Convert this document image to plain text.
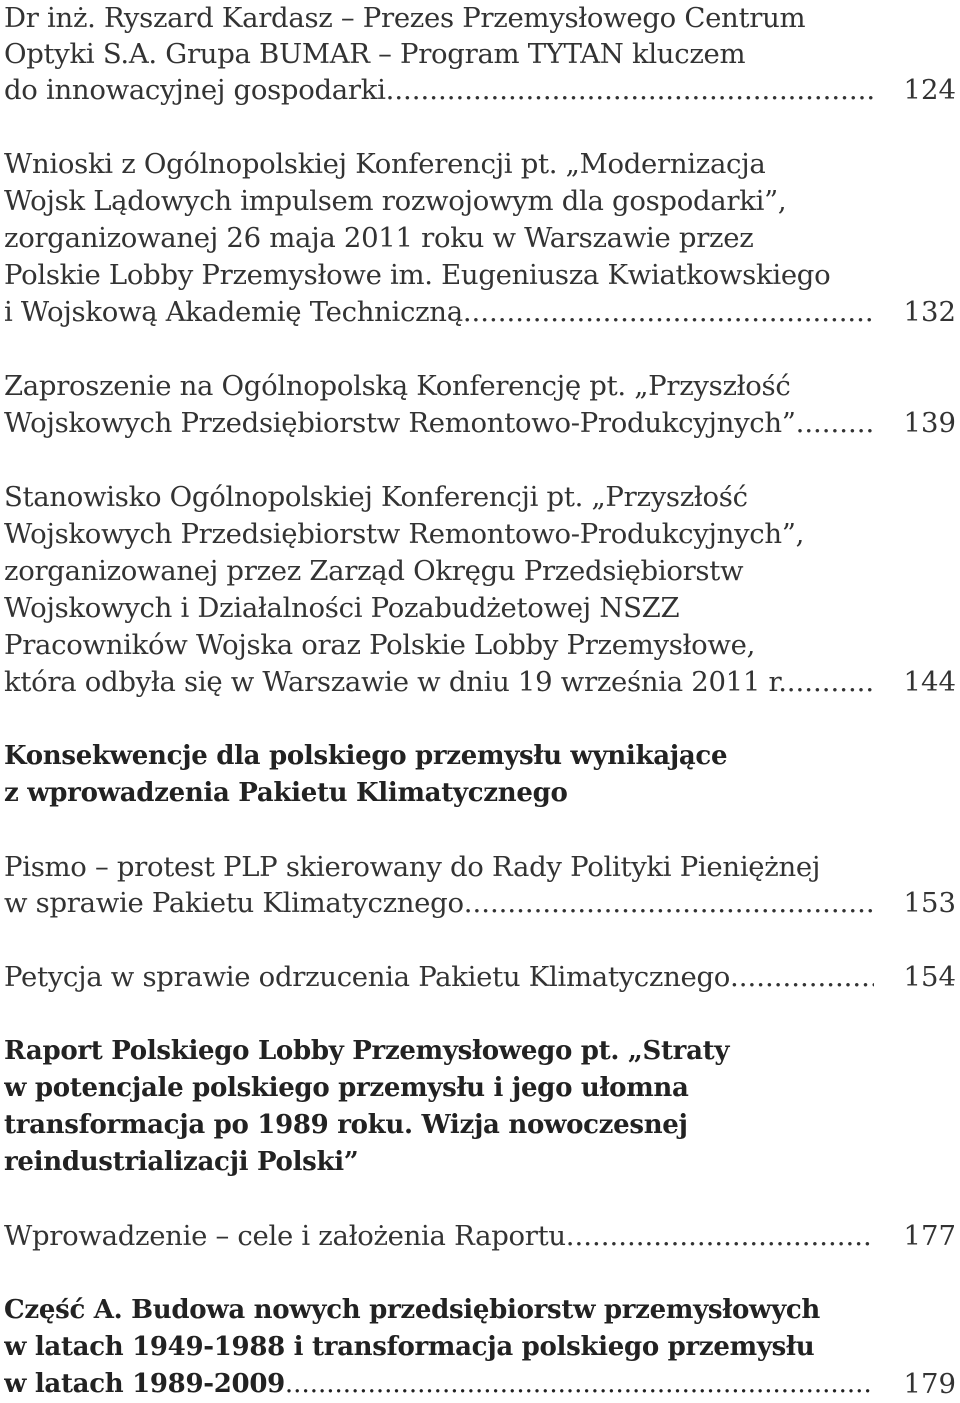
Dr inż. Ryszard Kardasz – Prezes Przemysłowego Centrum
Optyki S.A. Grupa BUMAR – Program TYTAN kluczem
do innowacyjnej gospodarki .....	124
Wnioski z Ogólnopolskiej Konferencji pt. „Modernizacja
Wojsk Lądowych impulsem rozwojowym dla gospodarki”,
zorganizowanej 26 maja 2011 roku w Warszawie przez
Polskie Lobby Przemysłowe im. Eugeniusza Kwiatkowskiego
i Wojskową Akademię Techniczną .....	132
Zaproszenie na Ogólnopolską Konferencję pt. „Przyszłość
Wojskowych Przedsiębiorstw Remontowo-Produkcyjnych” .....	139
Stanowisko Ogólnopolskiej Konferencji pt. „Przyszłość
Wojskowych Przedsiębiorstw Remontowo-Produkcyjnych”,
zorganizowanej przez Zarząd Okręgu Przedsiębiorstw
Wojskowych i Działalności Pozabudżetowej NSZZ
Pracowników Wojska oraz Polskie Lobby Przemysłowe,
która odbyła się w Warszawie w dniu 19 września 2011 r. .....	144
Konsekwencje dla polskiego przemysłu wynikające
z wprowadzenia Pakietu Klimatycznego
Pismo – protest PLP skierowany do Rady Polityki Pieniężnej
w sprawie Pakietu Klimatycznego .....	153
Petycja w sprawie odrzucenia Pakietu Klimatycznego .....	154
Raport Polskiego Lobby Przemysłowego pt. „Straty
w potencjale polskiego przemysłu i jego ułomna
transformacja po 1989 roku. Wizja nowoczesnej
reindustrializacji Polski”
Wprowadzenie – cele i założenia Raportu .....	177
Część A. Budowa nowych przedsiębiorstw przemysłowych
w latach 1949-1988 i transformacja polskiego przemysłu
w latach 1989-2009 .....	179
